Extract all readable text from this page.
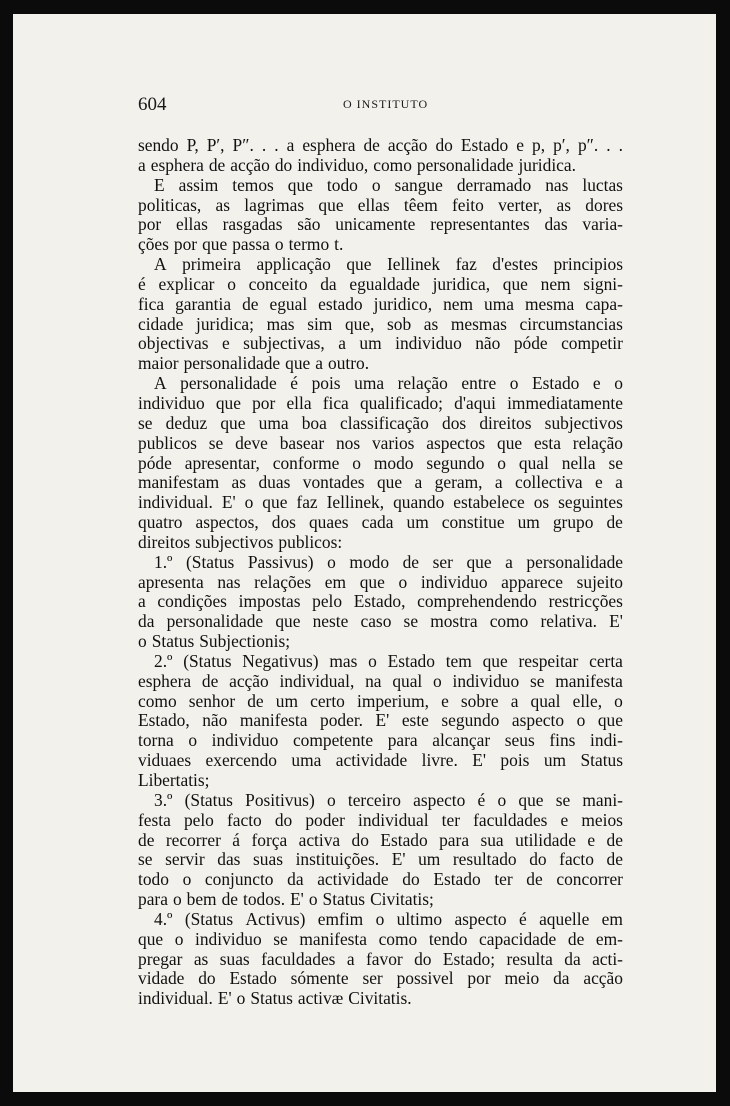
604	O INSTITUTO
sendo P, P′, P″. . . a esphera de acção do Estado e p, p′, p″. . .
a esphera de acção do individuo, como personalidade juridica.
E assim temos que todo o sangue derramado nas luctas
politicas, as lagrimas que ellas têem feito verter, as dores
por ellas rasgadas são unicamente representantes das varia-
ções por que passa o termo t.
A primeira applicação que Iellinek faz d'estes principios
é explicar o conceito da egualdade juridica, que nem signi-
fica garantia de egual estado juridico, nem uma mesma capa-
cidade juridica; mas sim que, sob as mesmas circumstancias
objectivas e subjectivas, a um individuo não póde competir
maior personalidade que a outro.
A personalidade é pois uma relação entre o Estado e o
individuo que por ella fica qualificado; d'aqui immediatamente
se deduz que uma boa classificação dos direitos subjectivos
publicos se deve basear nos varios aspectos que esta relação
póde apresentar, conforme o modo segundo o qual nella se
manifestam as duas vontades que a geram, a collectiva e a
individual. E' o que faz Iellinek, quando estabelece os seguintes
quatro aspectos, dos quaes cada um constitue um grupo de
direitos subjectivos publicos:
1.º (Status Passivus) o modo de ser que a personalidade
apresenta nas relações em que o individuo apparece sujeito
a condições impostas pelo Estado, comprehendendo restricções
da personalidade que neste caso se mostra como relativa. E'
o Status Subjectionis;
2.º (Status Negativus) mas o Estado tem que respeitar certa
esphera de acção individual, na qual o individuo se manifesta
como senhor de um certo imperium, e sobre a qual elle, o
Estado, não manifesta poder. E' este segundo aspecto o que
torna o individuo competente para alcançar seus fins indi-
viduaes exercendo uma actividade livre. E' pois um Status
Libertatis;
3.º (Status Positivus) o terceiro aspecto é o que se mani-
festa pelo facto do poder individual ter faculdades e meios
de recorrer á força activa do Estado para sua utilidade e de
se servir das suas instituições. E' um resultado do facto de
todo o conjuncto da actividade do Estado ter de concorrer
para o bem de todos. E' o Status Civitatis;
4.º (Status Activus) emfim o ultimo aspecto é aquelle em
que o individuo se manifesta como tendo capacidade de em-
pregar as suas faculdades a favor do Estado; resulta da acti-
vidade do Estado sómente ser possivel por meio da acção
individual. E' o Status activæ Civitatis.
